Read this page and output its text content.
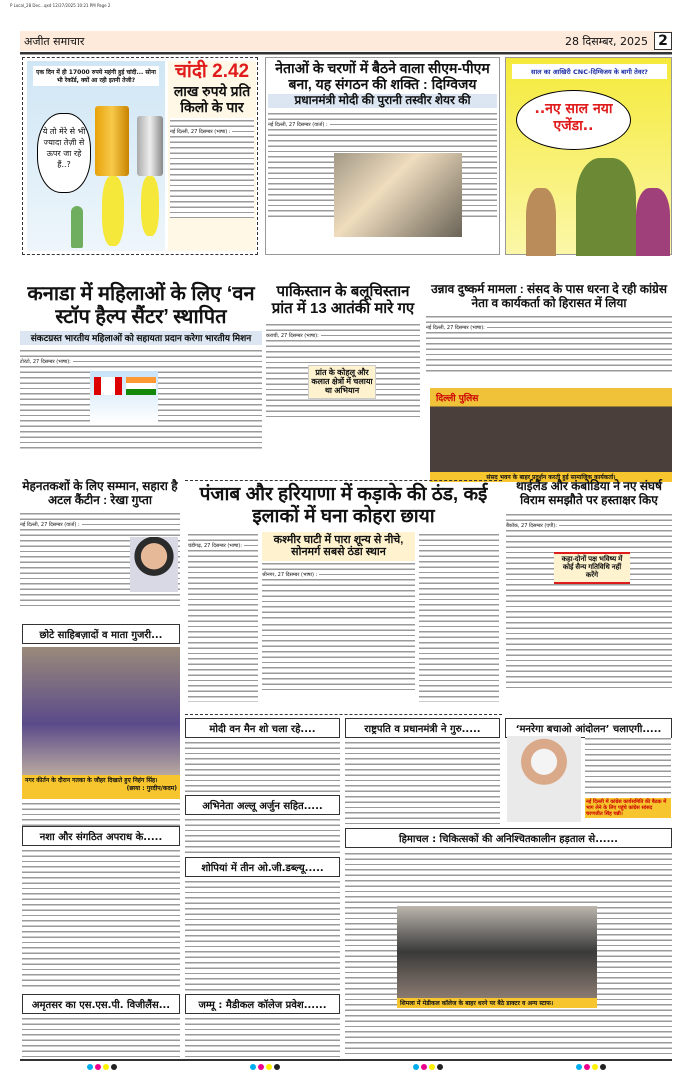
P Local_28 Dec...qxd 12/27/2025 10:21 PM Page 2
अजीत समाचार	28 दिसम्बर, 2025 2
एक दिन में ही 17000 रुपये महंगी हुई चांदी... सोना भी रेकॉर्ड, क्यों आ रही इतनी तेजी?
ये तो मेरे से भी ज्यादा तेज़ी से ऊपर जा रहे हैं..?
चांदी 2.42
लाख रुपये प्रति किलो के पार
नई दिल्ली, 27 दिसम्बर (भाषा) :
नेताओं के चरणों में बैठने वाला सीएम-पीएम बना, यह संगठन की शक्ति : दिग्विजय
प्रधानमंत्री मोदी की पुरानी तस्वीर शेयर की
नई दिल्ली, 27 दिसम्बर (वार्ता) :
साल का आखिरी CNC-दिग्विजय के बागी तेवर?
..नए साल नया एजेंडा..
कनाडा में महिलाओं के लिए ‘वन स्टॉप हैल्प सैंटर’ स्थापित
संकटग्रस्त भारतीय महिलाओं को सहायता प्रदान करेगा भारतीय मिशन
टोरंटो, 27 दिसम्बर (भाषा):
पाकिस्तान के बलूचिस्तान प्रांत में 13 आतंकी मारे गए
कराची, 27 दिसम्बर (भाषा):
प्रांत के कोहलू और कलात क्षेत्रों में चलाया था अभियान
उन्नाव दुष्कर्म मामला : संसद के पास धरना दे रही कांग्रेस नेता व कार्यकर्ता को हिरासत में लिया
नई दिल्ली, 27 दिसम्बर (भाषा):
दिल्ली पुलिस
संसद भवन के बाहर प्रदर्शन करती हुई सामाजिक कार्यकर्ता।
मेहनतकशों के लिए सम्मान, सहारा है अटल कैंटीन : रेखा गुप्ता
नई दिल्ली, 27 दिसम्बर (वार्ता) :
छोटे साहिबज़ादों व माता गुजरी...
नगर कीर्तन के दौरान गतका के जौहर दिखाते हुए निहंग सिंह।
(छाया : गुरदीप/कदम)
पंजाब और हरियाणा में कड़ाके की ठंड, कई इलाकों में घना कोहरा छाया
चंडीगढ़, 27 दिसम्बर (भाषा):	कश्मीर घाटी में पारा शून्य से नीचे, सोनमर्ग सबसे ठंडा स्थान
श्रीनगर, 27 दिसम्बर (भाषा) :
थाईलैंड और कंबोडिया ने नए संघर्ष विराम समझौते पर हस्ताक्षर किए
बैंकॉक, 27 दिसम्बर (एपी):
कहा-दोनों पक्ष भविष्य में कोई सैन्य गतिविधि नहीं करेंगे
मोदी वन मैन शो चला रहे....	राष्ट्रपति व प्रधानमंत्री ने गुरु.....	‘मनरेगा बचाओ आंदोलन’ चलाएगी.....
नई दिल्ली में कांग्रेस कार्यसमिति की बैठक में भाग लेने के लिए पहुंचे कांग्रेस सांसद चरणजीत सिंह चन्नी।
अभिनेता अल्लू अर्जुन सहित.....
नशा और संगठित अपराध के.....	हिमाचल : चिकित्सकों की अनिश्चितकालीन हड़ताल से......
शिमला में मेडीकल कॉलेज के बाहर धरने पर बैठे डाक्टर व अन्य स्टाफ।
शोपियां में तीन ओ.जी.डब्ल्यू.....
अमृतसर का एस.एस.पी. विजीलैंस...	जम्मू : मैडीकल कॉलेज प्रवेश......
